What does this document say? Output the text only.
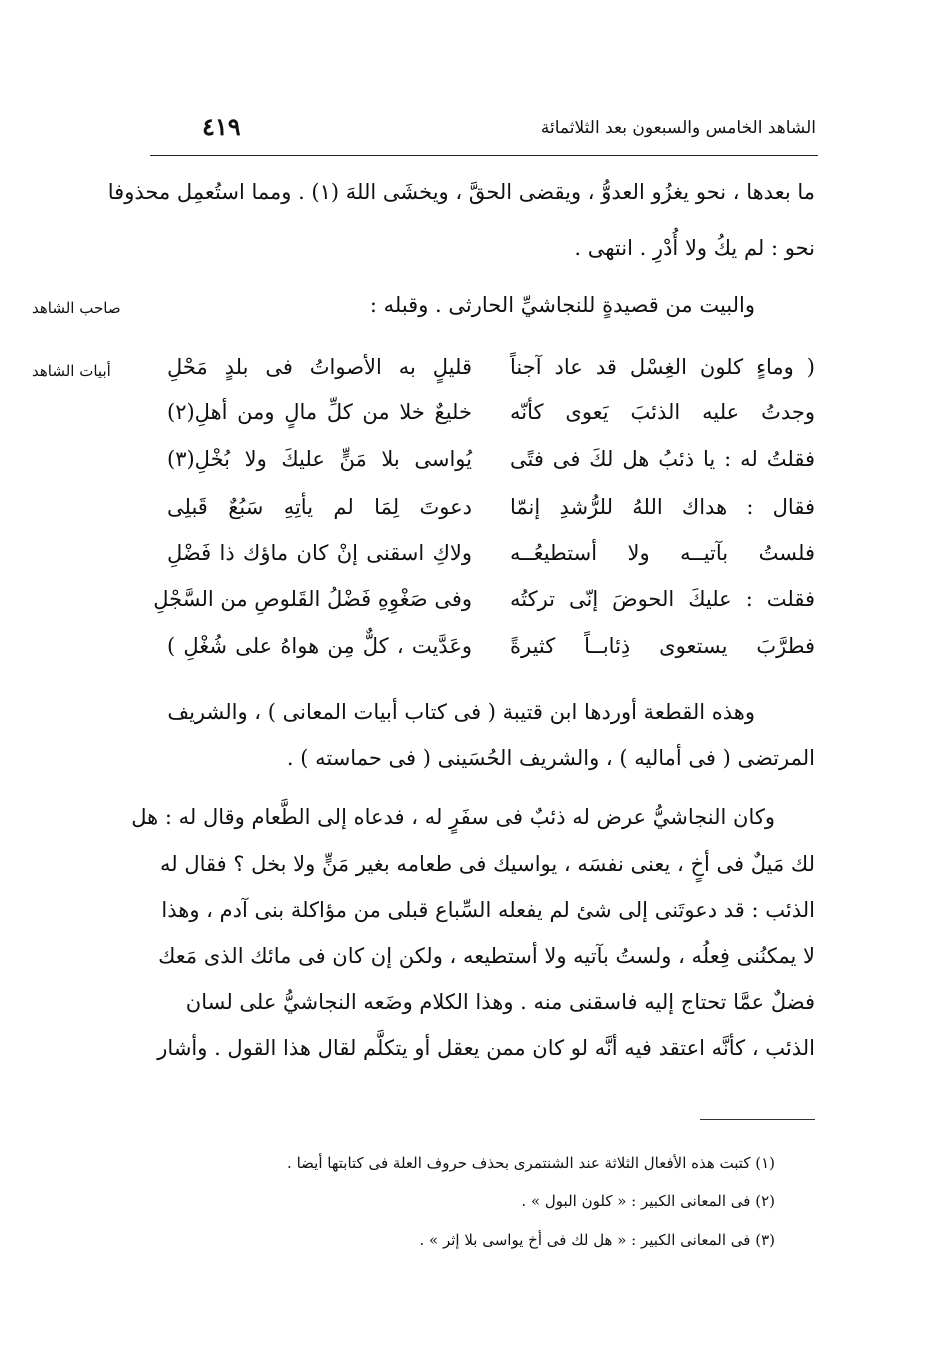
الشاهد الخامس والسبعون بعد الثلاثمائة
٤١٩
ما بعدها ، نحو يغزُو العدوُّ ، ويقضى الحقَّ ، ويخشَى اللهَ (١) . ومما استُعمِل محذوفا
نحو : لم يكُ ولا أُدْرِ . انتهى .
والبيت من قصيدةٍ للنجاشيِّ الحارثى . وقبله :
صاحب الشاهد
أبيات الشاهد	( وماءٍ كلون الغِسْل قد عاد آجناً
قليلٍ به الأصواتُ فى بلدٍ مَحْلِ
وجدتُ عليه الذئبَ يَعوى كأنّه
خليعٌ خلا من كلِّ مالٍ ومن أهلِ(٢)
فقلتُ له : يا ذئبُ هل لكَ فى فتًى
يُواسى بلا مَنٍّ عليكَ ولا بُخْلِ(٣)
فقال : هداك اللهُ للرُّشدِ إنمّا
دعوتَ لِمَا لم يأتِهِ سَبُعٌ قَبلِى
فلستُ بآتيــه ولا أستطيعُــه
ولاكِ اسقنى إنْ كان ماؤك ذا فَضْلِ
فقلت : عليكَ الحوضَ إنّى تركتُه
وفى صَغْوِهِ فَضْلُ القَلوصِ من السَّجْلِ
فطرَّبَ يستعوى ذِئابــاً كثيرةً
وعَدَّيت ، كلٌّ مِن هواهُ على شُغْلِ )
وهذه القطعة أوردها ابن قتيبة ( فى كتاب أبيات المعانى ) ، والشريف
المرتضى ( فى أماليه ) ، والشريف الحُسَينى ( فى حماسته ) .
وكان النجاشيُّ عرض له ذئبٌ فى سفَرٍ له ، فدعاه إلى الطَّعام وقال له : هل
لك مَيلٌ فى أخٍ ، يعنى نفسَه ، يواسيك فى طعامه بغير مَنٍّ ولا بخل ؟ فقال له
الذئب : قد دعوتَنى إلى شئ لم يفعله السِّباع قبلى من مؤاكلة بنى آدم ، وهذا
لا يمكنُنى فِعلُه ، ولستُ بآتيه ولا أستطيعه ، ولكن إن كان فى مائك الذى مَعك
فضلٌ عمَّا تحتاج إليه فاسقنى منه . وهذا الكلام وضَعه النجاشيُّ على لسان
الذئب ، كأنَّه اعتقد فيه أنَّه لو كان ممن يعقل أو يتكلَّم لقال هذا القول . وأشار
(١) كتبت هذه الأفعال الثلاثة عند الشنتمرى بحذف حروف العلة فى كتابتها أيضا .
(٢) فى المعانى الكبير : « كلون البول » .
(٣) فى المعانى الكبير : « هل لك فى أخ يواسى بلا إثر » .
